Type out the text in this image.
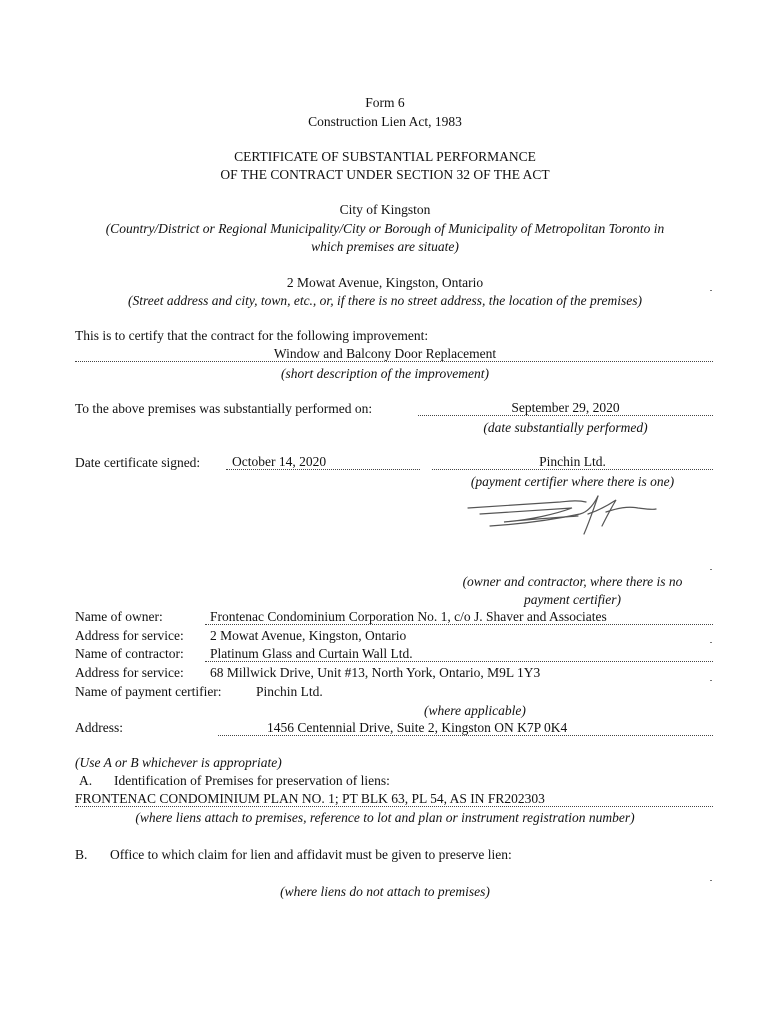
Form 6
Construction Lien Act, 1983
CERTIFICATE OF SUBSTANTIAL PERFORMANCE
OF THE CONTRACT UNDER SECTION 32 OF THE ACT
City of Kingston
(Country/District or Regional Municipality/City or Borough of Municipality of Metropolitan Toronto in
which premises are situate)
2 Mowat Avenue, Kingston, Ontario
(Street address and city, town, etc., or, if there is no street address, the location of the premises)
This is to certify that the contract for the following improvement:
Window and Balcony Door Replacement
(short description of the improvement)
To the above premises was substantially performed on:	September 29, 2020
(date substantially performed)
Date certificate signed: October 14, 2020	Pinchin Ltd.
(payment certifier where there is one)
(owner and contractor, where there is no
payment certifier)
Name of owner:	Frontenac Condominium Corporation No. 1, c/o J. Shaver and Associates
Address for service: 2 Mowat Avenue, Kingston, Ontario
Name of contractor: Platinum Glass and Curtain Wall Ltd.
Address for service: 68 Millwick Drive, Unit #13, North York, Ontario, M9L 1Y3
Name of payment certifier:	Pinchin Ltd.
(where applicable)
Address:	1456 Centennial Drive, Suite 2, Kingston ON K7P 0K4
(Use A or B whichever is appropriate)
A. Identification of Premises for preservation of liens:
FRONTENAC CONDOMINIUM PLAN NO. 1; PT BLK 63, PL 54, AS IN FR202303
(where liens attach to premises, reference to lot and plan or instrument registration number)
B. Office to which claim for lien and affidavit must be given to preserve lien:
(where liens do not attach to premises)
